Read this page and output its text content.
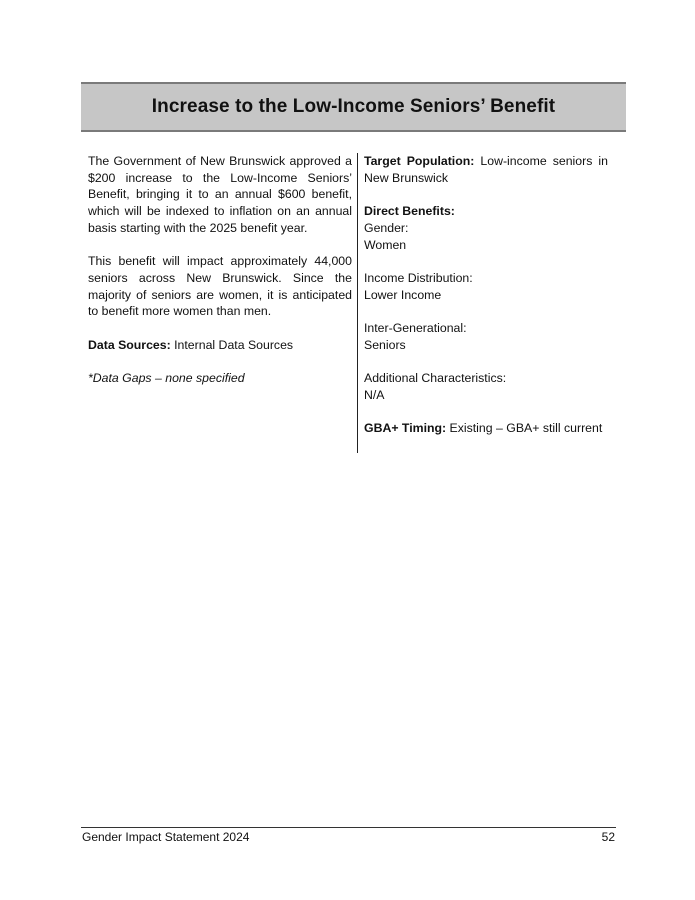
Increase to the Low-Income Seniors’ Benefit

The Government of New Brunswick approved a $200 increase to the Low-Income Seniors’ Benefit, bringing it to an annual $600 benefit, which will be indexed to inflation on an annual basis starting with the 2025 benefit year.

This benefit will impact approximately 44,000 seniors across New Brunswick. Since the majority of seniors are women, it is anticipated to benefit more women than men.

Data Sources: Internal Data Sources

*Data Gaps – none specified

Target Population: Low-income seniors in New Brunswick

Direct Benefits:
Gender:
Women

Income Distribution:
Lower Income

Inter-Generational:
Seniors

Additional Characteristics:
N/A

GBA+ Timing: Existing – GBA+ still current

Gender Impact Statement 2024	52
